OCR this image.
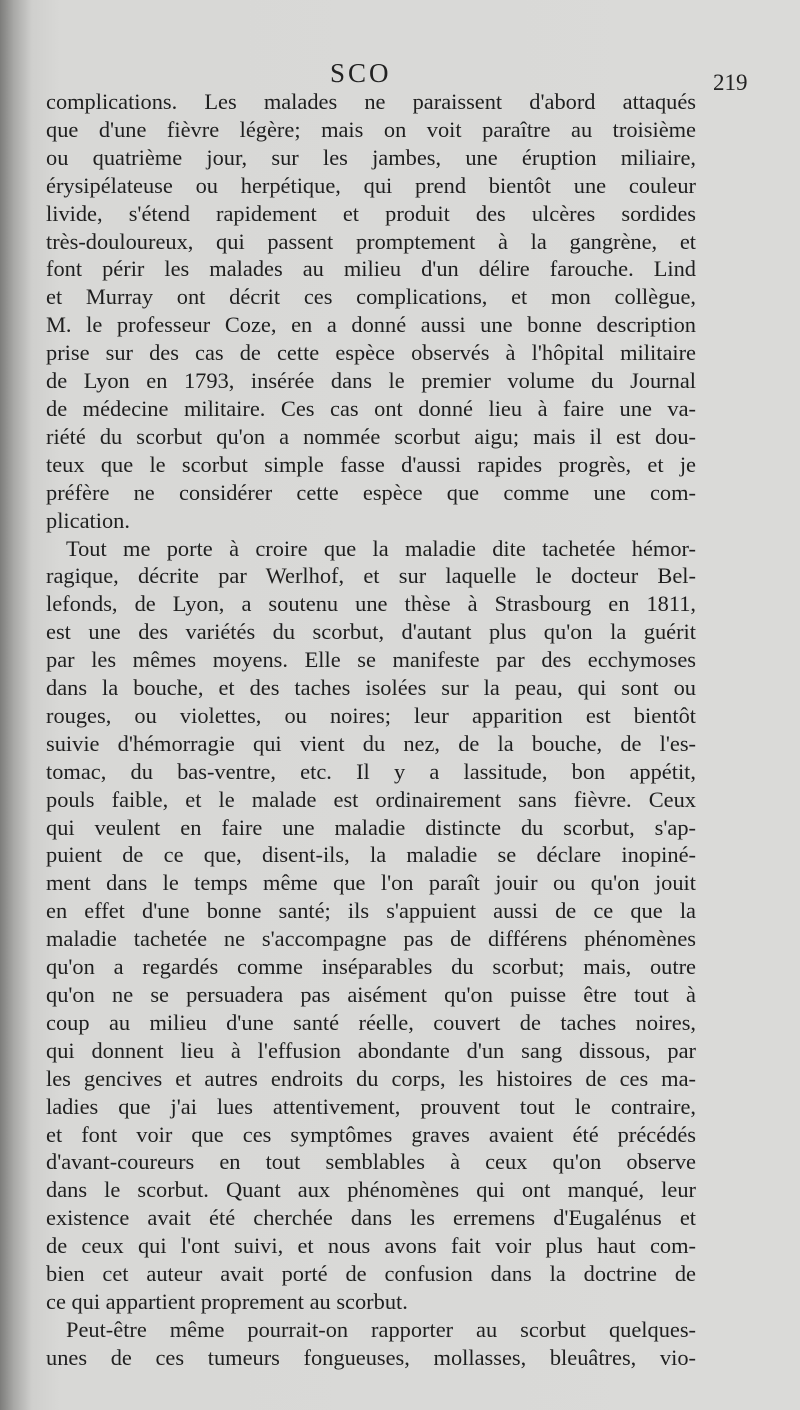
SCO	219
complications. Les malades ne paraissent d'abord attaqués
que d'une fièvre légère; mais on voit paraître au troisième
ou quatrième jour, sur les jambes, une éruption miliaire,
érysipélateuse ou herpétique, qui prend bientôt une couleur
livide, s'étend rapidement et produit des ulcères sordides
très-douloureux, qui passent promptement à la gangrène, et
font périr les malades au milieu d'un délire farouche. Lind
et Murray ont décrit ces complications, et mon collègue,
M. le professeur Coze, en a donné aussi une bonne description
prise sur des cas de cette espèce observés à l'hôpital militaire
de Lyon en 1793, insérée dans le premier volume du Journal
de médecine militaire. Ces cas ont donné lieu à faire une va-
riété du scorbut qu'on a nommée scorbut aigu; mais il est dou-
teux que le scorbut simple fasse d'aussi rapides progrès, et je
préfère ne considérer cette espèce que comme une com-
plication.
Tout me porte à croire que la maladie dite tachetée hémor-
ragique, décrite par Werlhof, et sur laquelle le docteur Bel-
lefonds, de Lyon, a soutenu une thèse à Strasbourg en 1811,
est une des variétés du scorbut, d'autant plus qu'on la guérit
par les mêmes moyens. Elle se manifeste par des ecchymoses
dans la bouche, et des taches isolées sur la peau, qui sont ou
rouges, ou violettes, ou noires; leur apparition est bientôt
suivie d'hémorragie qui vient du nez, de la bouche, de l'es-
tomac, du bas-ventre, etc. Il y a lassitude, bon appétit,
pouls faible, et le malade est ordinairement sans fièvre. Ceux
qui veulent en faire une maladie distincte du scorbut, s'ap-
puient de ce que, disent-ils, la maladie se déclare inopiné-
ment dans le temps même que l'on paraît jouir ou qu'on jouit
en effet d'une bonne santé; ils s'appuient aussi de ce que la
maladie tachetée ne s'accompagne pas de différens phénomènes
qu'on a regardés comme inséparables du scorbut; mais, outre
qu'on ne se persuadera pas aisément qu'on puisse être tout à
coup au milieu d'une santé réelle, couvert de taches noires,
qui donnent lieu à l'effusion abondante d'un sang dissous, par
les gencives et autres endroits du corps, les histoires de ces ma-
ladies que j'ai lues attentivement, prouvent tout le contraire,
et font voir que ces symptômes graves avaient été précédés
d'avant-coureurs en tout semblables à ceux qu'on observe
dans le scorbut. Quant aux phénomènes qui ont manqué, leur
existence avait été cherchée dans les erremens d'Eugalénus et
de ceux qui l'ont suivi, et nous avons fait voir plus haut com-
bien cet auteur avait porté de confusion dans la doctrine de
ce qui appartient proprement au scorbut.
Peut-être même pourrait-on rapporter au scorbut quelques-
unes de ces tumeurs fongueuses, mollasses, bleuâtres, vio-
